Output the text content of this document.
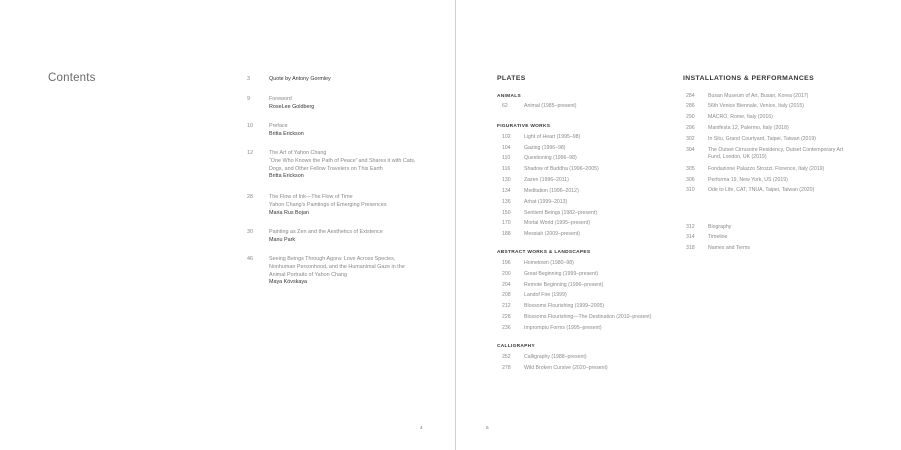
Contents	3	Quote by Antony Gormley
9	Foreword
RoseLee Goldberg
10	Preface
Britta Erickson
12	The Art of Yahon Chang
“One Who Knows the Path of Peace” and Shares it with Cats, Dogs, and Other Fellow Travelers on This Earth
Britta Erickson
28	The Flow of Ink—The Flow of Time
Yahon Chang’s Paintings of Emerging Presences
Maria Rus Bojan
30	Painting as Zen and the Aesthetics of Existence
Manu Park
46	Seeing Beings Through Agora: Love Across Species, Nonhuman Personhood, and the Humanimal Gaze in the Animal Portraits of Yahon Chang
Maya Kóvskaya
4
PLATES
ANIMALS
62	Animal (1985–present)
FIGURATIVE WORKS
102	Light of Heart (1995–98)
104	Gazing (1996–98)
110	Questioning (1996–98)
116	Shadow of Buddha (1996–2005)
130	Zazen (1996–2011)
134	Meditation (1996–2012)
136	Arhat (1999–2013)
150	Sentient Beings (1982–present)
170	Mortal World (1995–present)
188	Messiah (2009–present)
ABSTRACT WORKS & LANDSCAPES
196	Hometown (1980–98)
200	Great Beginning (1999–present)
204	Remote Beginning (1996–present)
208	Landof Fire (1999)
212	Blossoms Flourishing (1999–2005)
228	Blossoms Flourishing—The Destination (2010–present)
236	Impromptu Forms (1995–present)
CALLIGRAPHY
252	Calligraphy (1988–present)
278	Wild Broken Cursive (2020–present)
INSTALLATIONS & PERFORMANCES
284	Busan Museum of Art, Busan, Korea (2017)
286	56th Venice Biennale, Venice, Italy (2015)
290	MACRO, Rome, Italy (2016)
296	Manifesta 12, Palermo, Italy (2018)
302	In Situ, Grand Courtyard, Taipei, Taiwan (2019)
304	The Outset Cirrusoire Residency, Outset Contemporary Art Fund, London, UK (2019)
305	Fondazione Palazzo Strozzi, Florence, Italy (2019)
306	Performa 19, New York, US (2019)
310	Ode to Life, CAT, TNUA, Taipei, Taiwan (2020)
312	Biography
314	Timeline
318	Names and Terms
5
